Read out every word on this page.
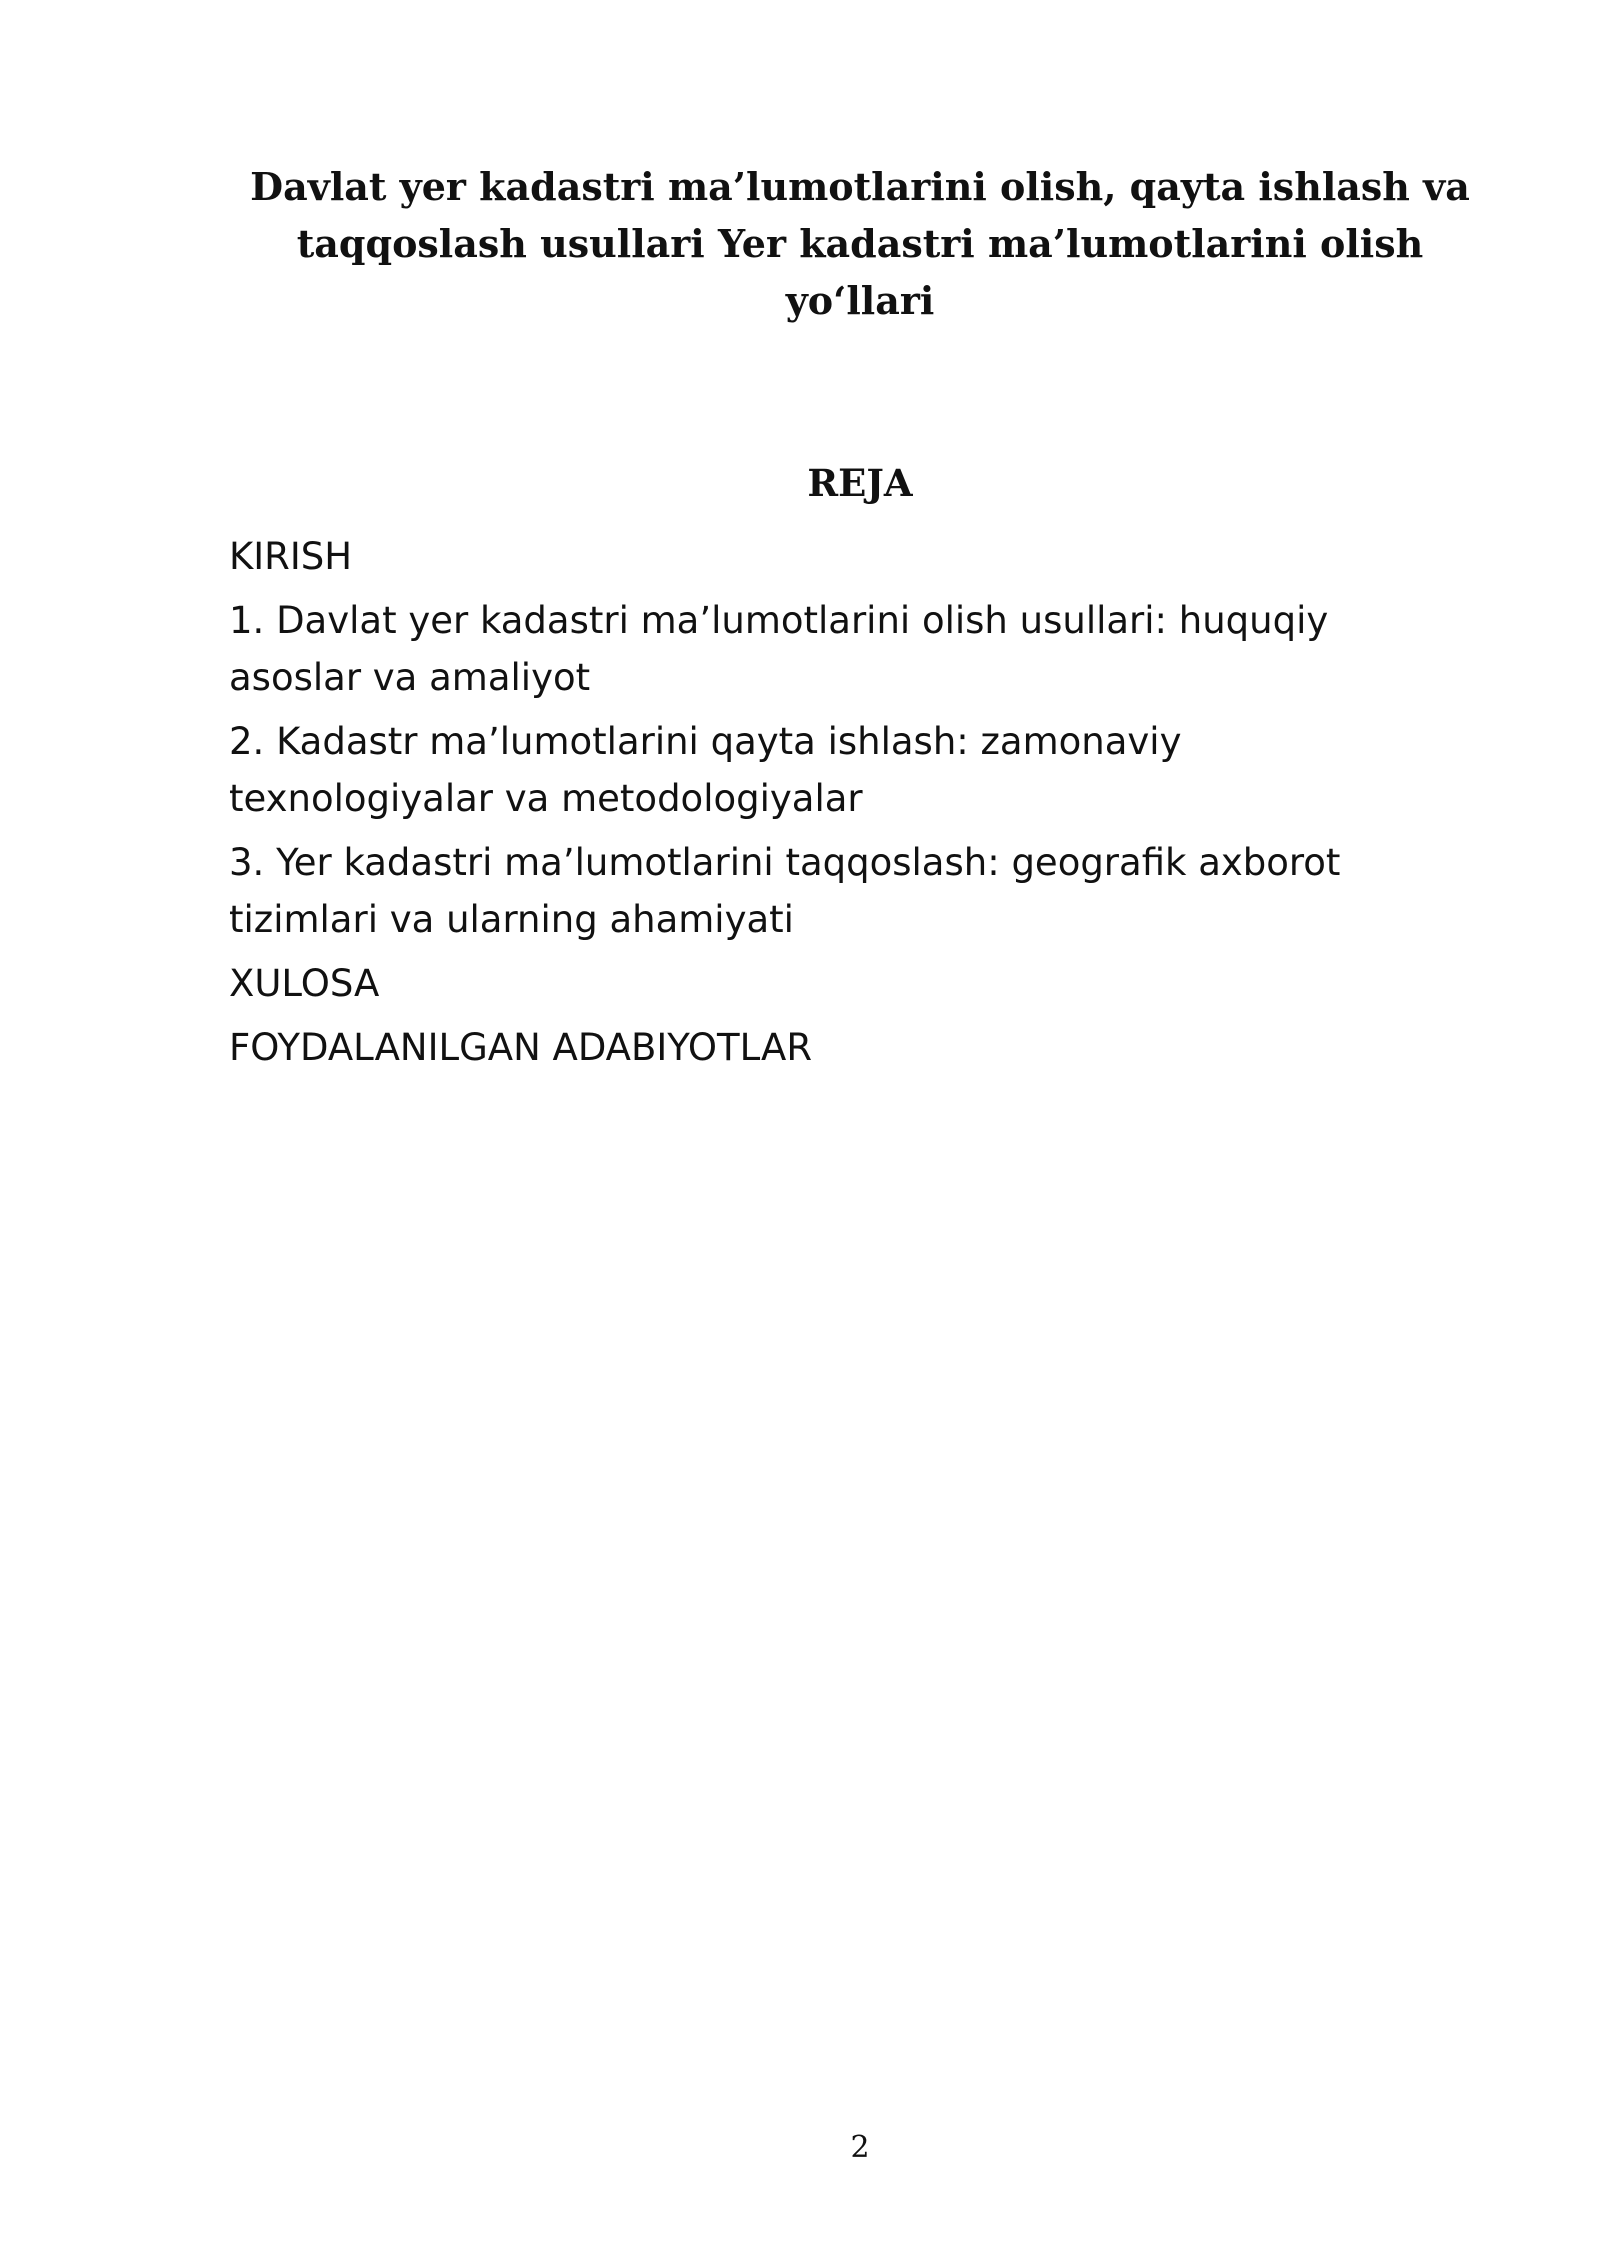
Davlat yer kadastri ma’lumotlarini olish, qayta ishlash va taqqoslash usullari Yer kadastri ma’lumotlarini olish yo‘llari
REJA
KIRISH
1. Davlat yer kadastri ma’lumotlarini olish usullari: huquqiy asoslar va amaliyot
2. Kadastr ma’lumotlarini qayta ishlash: zamonaviy texnologiyalar va metodologiyalar
3. Yer kadastri ma’lumotlarini taqqoslash: geografik axborot tizimlari va ularning ahamiyati
XULOSA
FOYDALANILGAN ADABIYOTLAR
2
